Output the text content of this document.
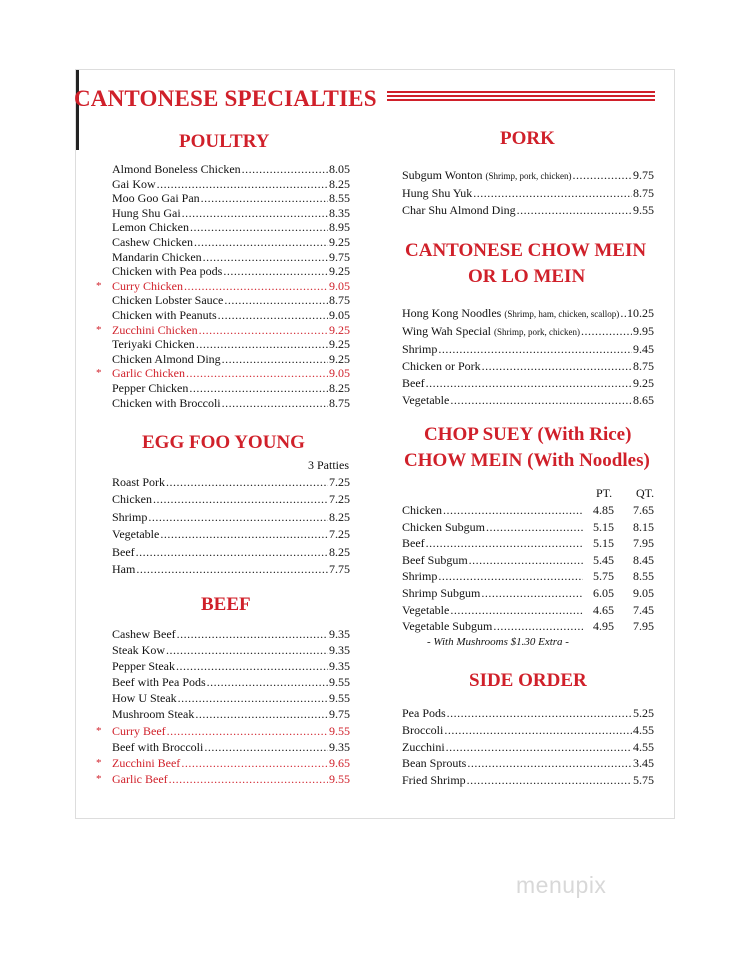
CANTONESE SPECIALTIES
POULTRY
Almond Boneless Chicken .....	8.05
Gai Kow .....	8.25
Moo Goo Gai Pan .....	8.55
Hung Shu Gai .....	8.35
Lemon Chicken .....	8.95
Cashew Chicken .....	9.25
Mandarin Chicken .....	9.75
Chicken with Pea pods .....	9.25
* Curry Chicken .....	9.05
Chicken Lobster Sauce .....	8.75
Chicken with Peanuts .....	9.05
* Zucchini Chicken .....	9.25
Teriyaki Chicken .....	9.25
Chicken Almond Ding .....	9.25
* Garlic Chicken .....	9.05
Pepper Chicken .....	8.25
Chicken with Broccoli .....	8.75
EGG FOO YOUNG
3 Patties
Roast Pork .....	7.25
Chicken .....	7.25
Shrimp .....	8.25
Vegetable .....	7.25
Beef .....	8.25
Ham .....	7.75
BEEF
Cashew Beef .....	9.35
Steak Kow .....	9.35
Pepper Steak .....	9.35
Beef with Pea Pods .....	9.55
How U Steak .....	9.55
Mushroom Steak .....	9.75
* Curry Beef .....	9.55
Beef with Broccoli .....	9.35
* Zucchini Beef .....	9.65
* Garlic Beef .....	9.55
PORK
Subgum Wonton (Shrimp, pork, chicken) .....	9.75
Hung Shu Yuk .....	8.75
Char Shu Almond Ding .....	9.55
CANTONESE CHOW MEIN
OR LO MEIN
Hong Kong Noodles (Shrimp, ham, chicken, scallop) ..... 10.25
Wing Wah Special (Shrimp, pork, chicken) .....	9.95
Shrimp .....	9.45
Chicken or Pork .....	8.75
Beef .....	9.25
Vegetable .....	8.65
CHOP SUEY (With Rice)
CHOW MEIN (With Noodles)
PT. QT.
Chicken .....	4.85	7.65
Chicken Subgum .....	5.15	8.15
Beef .....	5.15	7.95
Beef Subgum .....	5.45	8.45
Shrimp .....	5.75	8.55
Shrimp Subgum .....	6.05	9.05
Vegetable .....	4.65	7.45
Vegetable Subgum .....	4.95	7.95
- With Mushrooms $1.30 Extra -
SIDE ORDER
Pea Pods .....	5.25
Broccoli .....	4.55
Zucchini .....	4.55
Bean Sprouts .....	3.45
Fried Shrimp .....	5.75
menupix
